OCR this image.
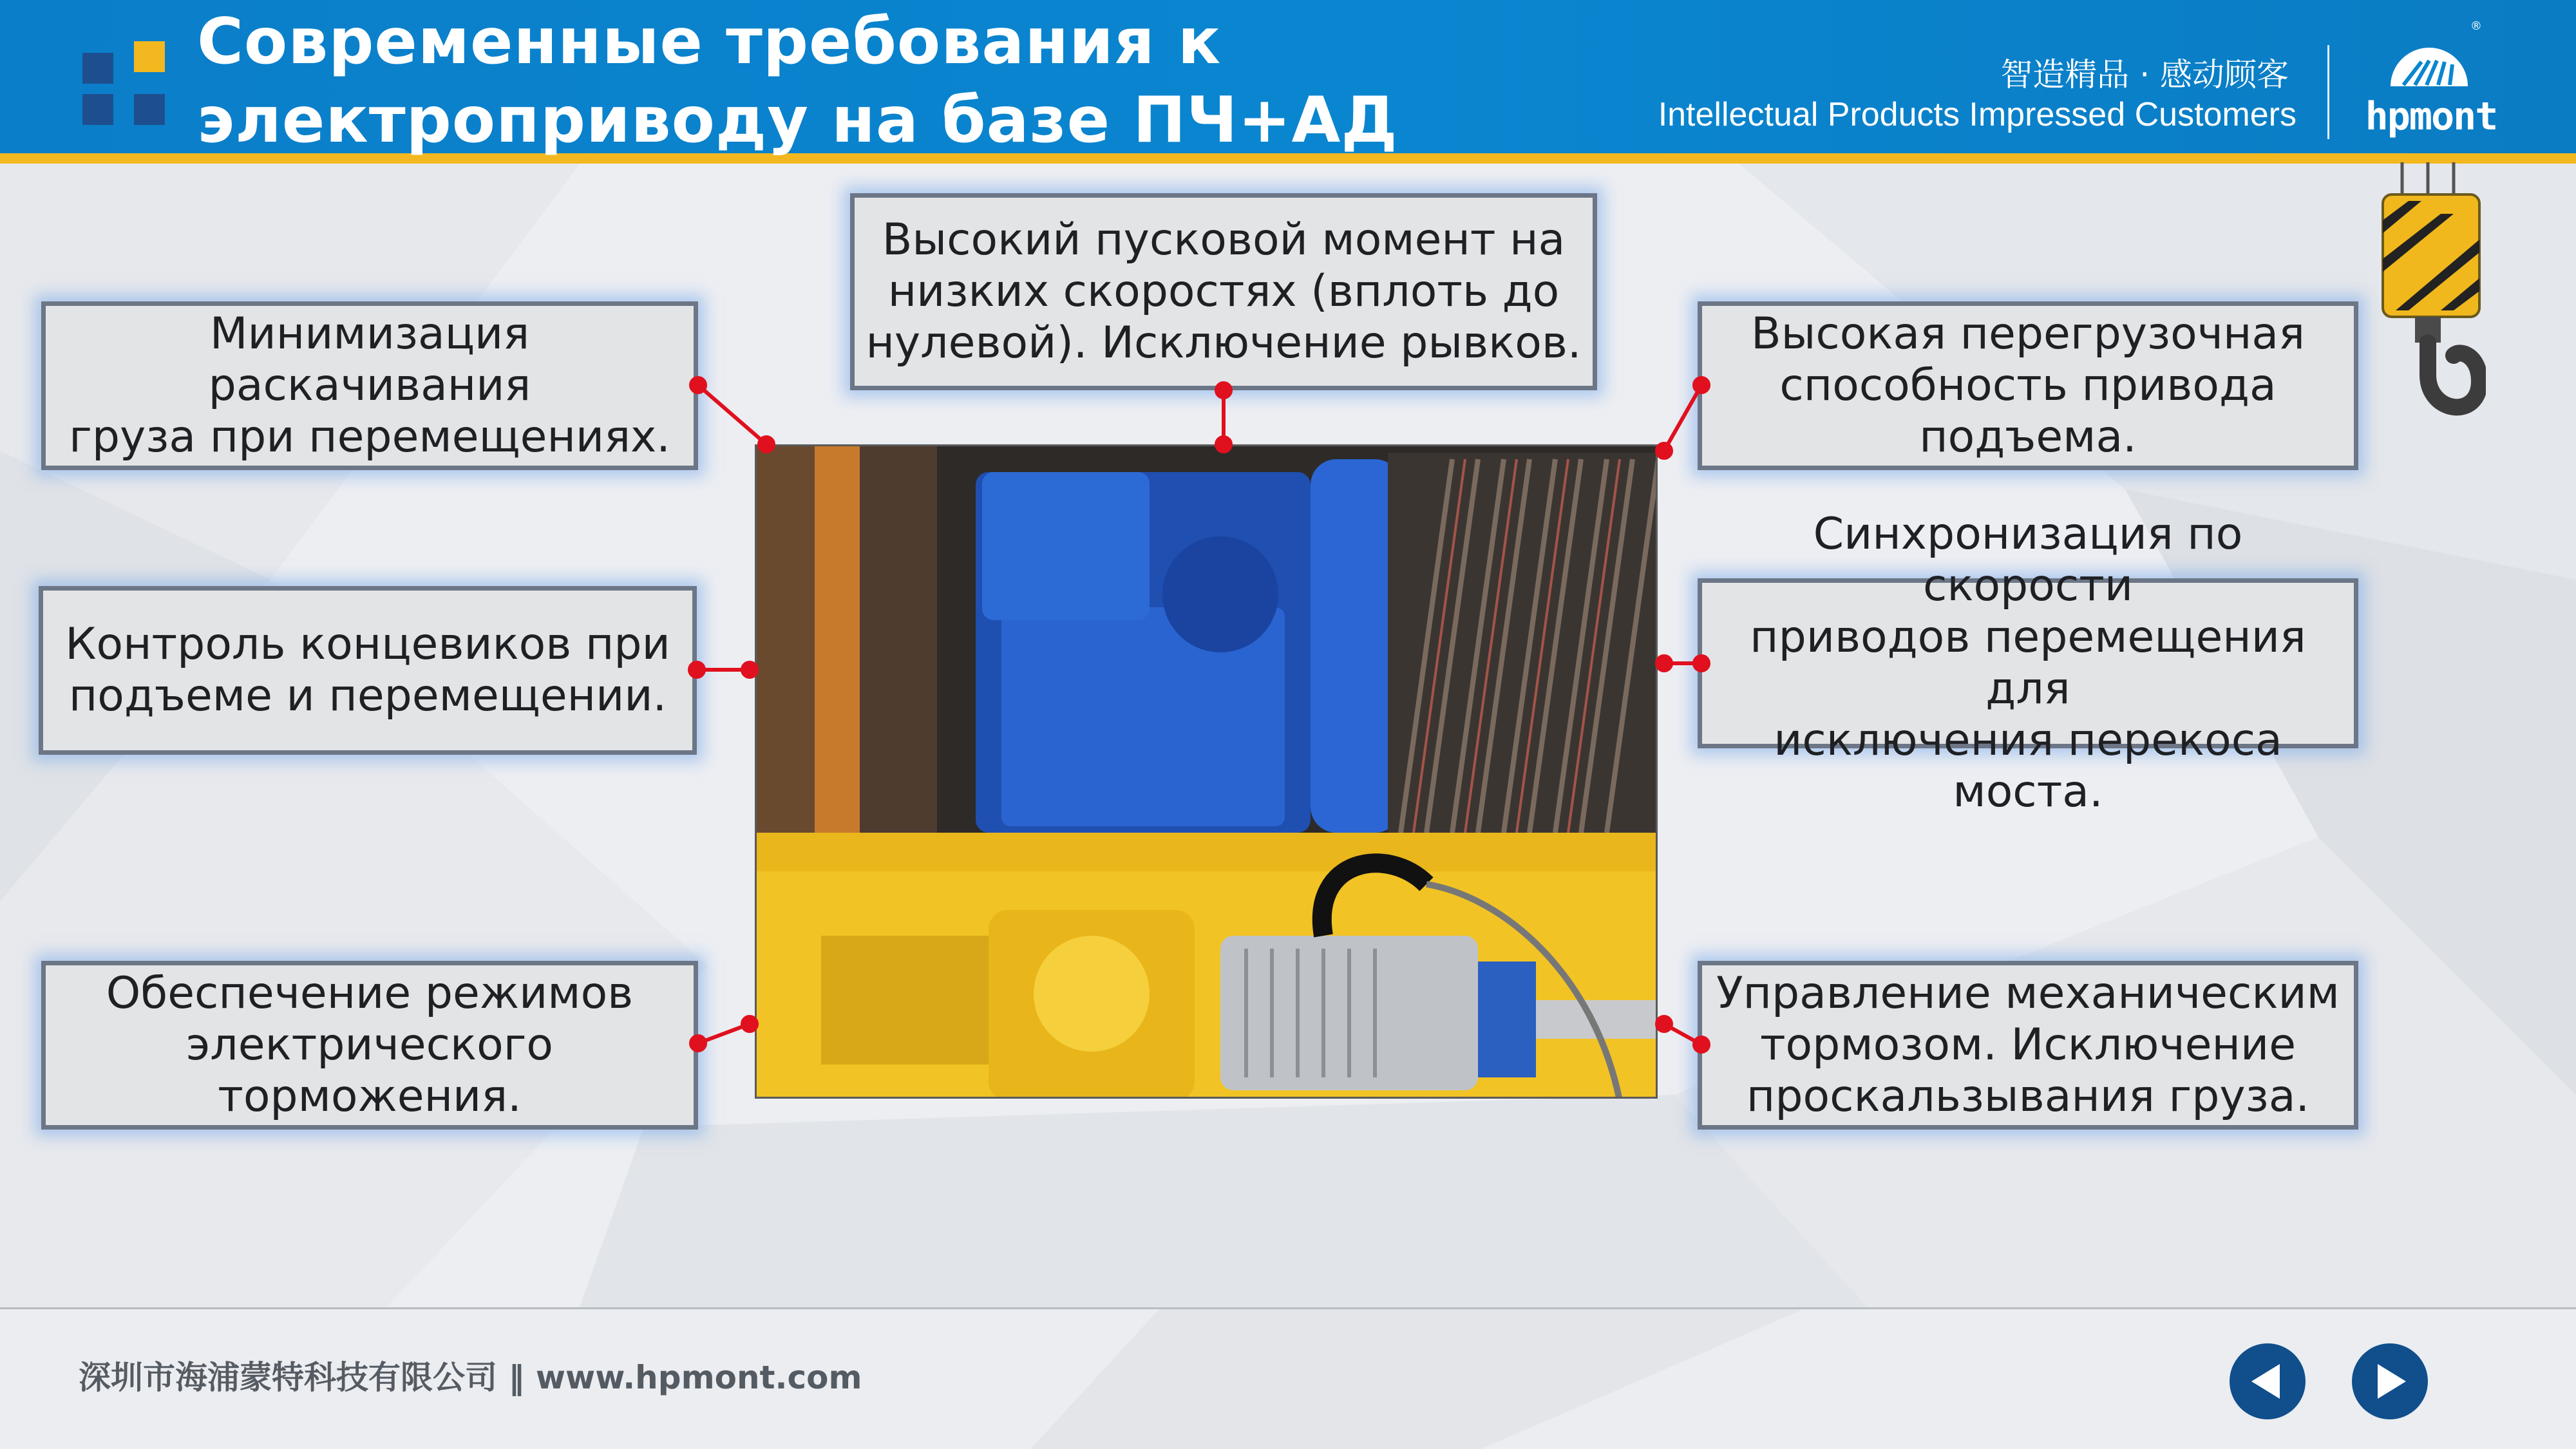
Современные требования к
электроприводу на базе ПЧ+АД
智造精品 · 感动顾客
Intellectual Products Impressed Customers
®
hpmont
Высокий пусковой момент на
низких скоростях (вплоть до
нулевой). Исключение рывков.
Минимизация раскачивания
груза при перемещениях.
Контроль концевиков при
подъеме и перемещении.
Обеспечение режимов
электрического торможения.
Высокая перегрузочная
способность привода
подъема.
Синхронизация по скорости
приводов перемещения для
исключения перекоса моста.
Управление механическим
тормозом. Исключение
проскальзывания груза.
深圳市海浦蒙特科技有限公司 ‖ www.hpmont.com
